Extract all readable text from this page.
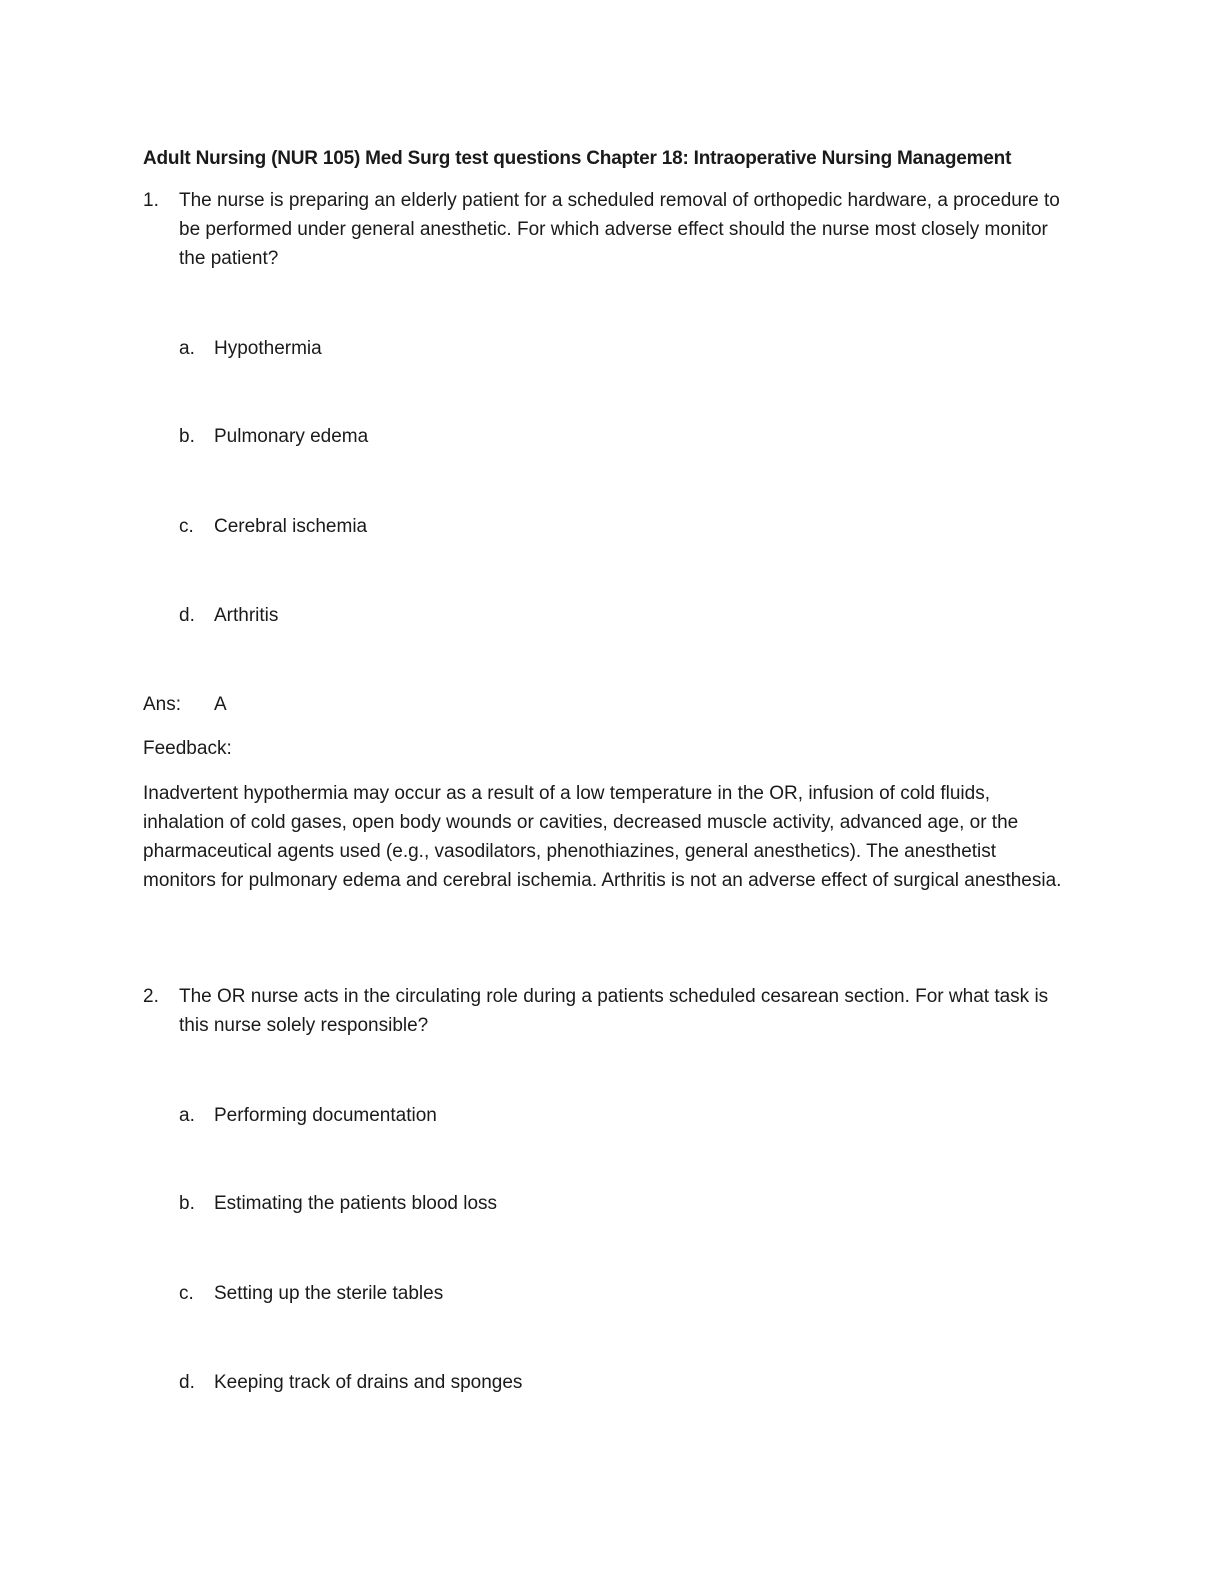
Adult Nursing (NUR 105) Med Surg test questions Chapter 18: Intraoperative Nursing Management
1. The nurse is preparing an elderly patient for a scheduled removal of orthopedic hardware, a procedure to be performed under general anesthetic. For which adverse effect should the nurse most closely monitor the patient?
a. Hypothermia
b. Pulmonary edema
c. Cerebral ischemia
d. Arthritis
Ans: A
Feedback:
Inadvertent hypothermia may occur as a result of a low temperature in the OR, infusion of cold fluids, inhalation of cold gases, open body wounds or cavities, decreased muscle activity, advanced age, or the pharmaceutical agents used (e.g., vasodilators, phenothiazines, general anesthetics). The anesthetist monitors for pulmonary edema and cerebral ischemia. Arthritis is not an adverse effect of surgical anesthesia.
2. The OR nurse acts in the circulating role during a patients scheduled cesarean section. For what task is this nurse solely responsible?
a. Performing documentation
b. Estimating the patients blood loss
c. Setting up the sterile tables
d. Keeping track of drains and sponges
